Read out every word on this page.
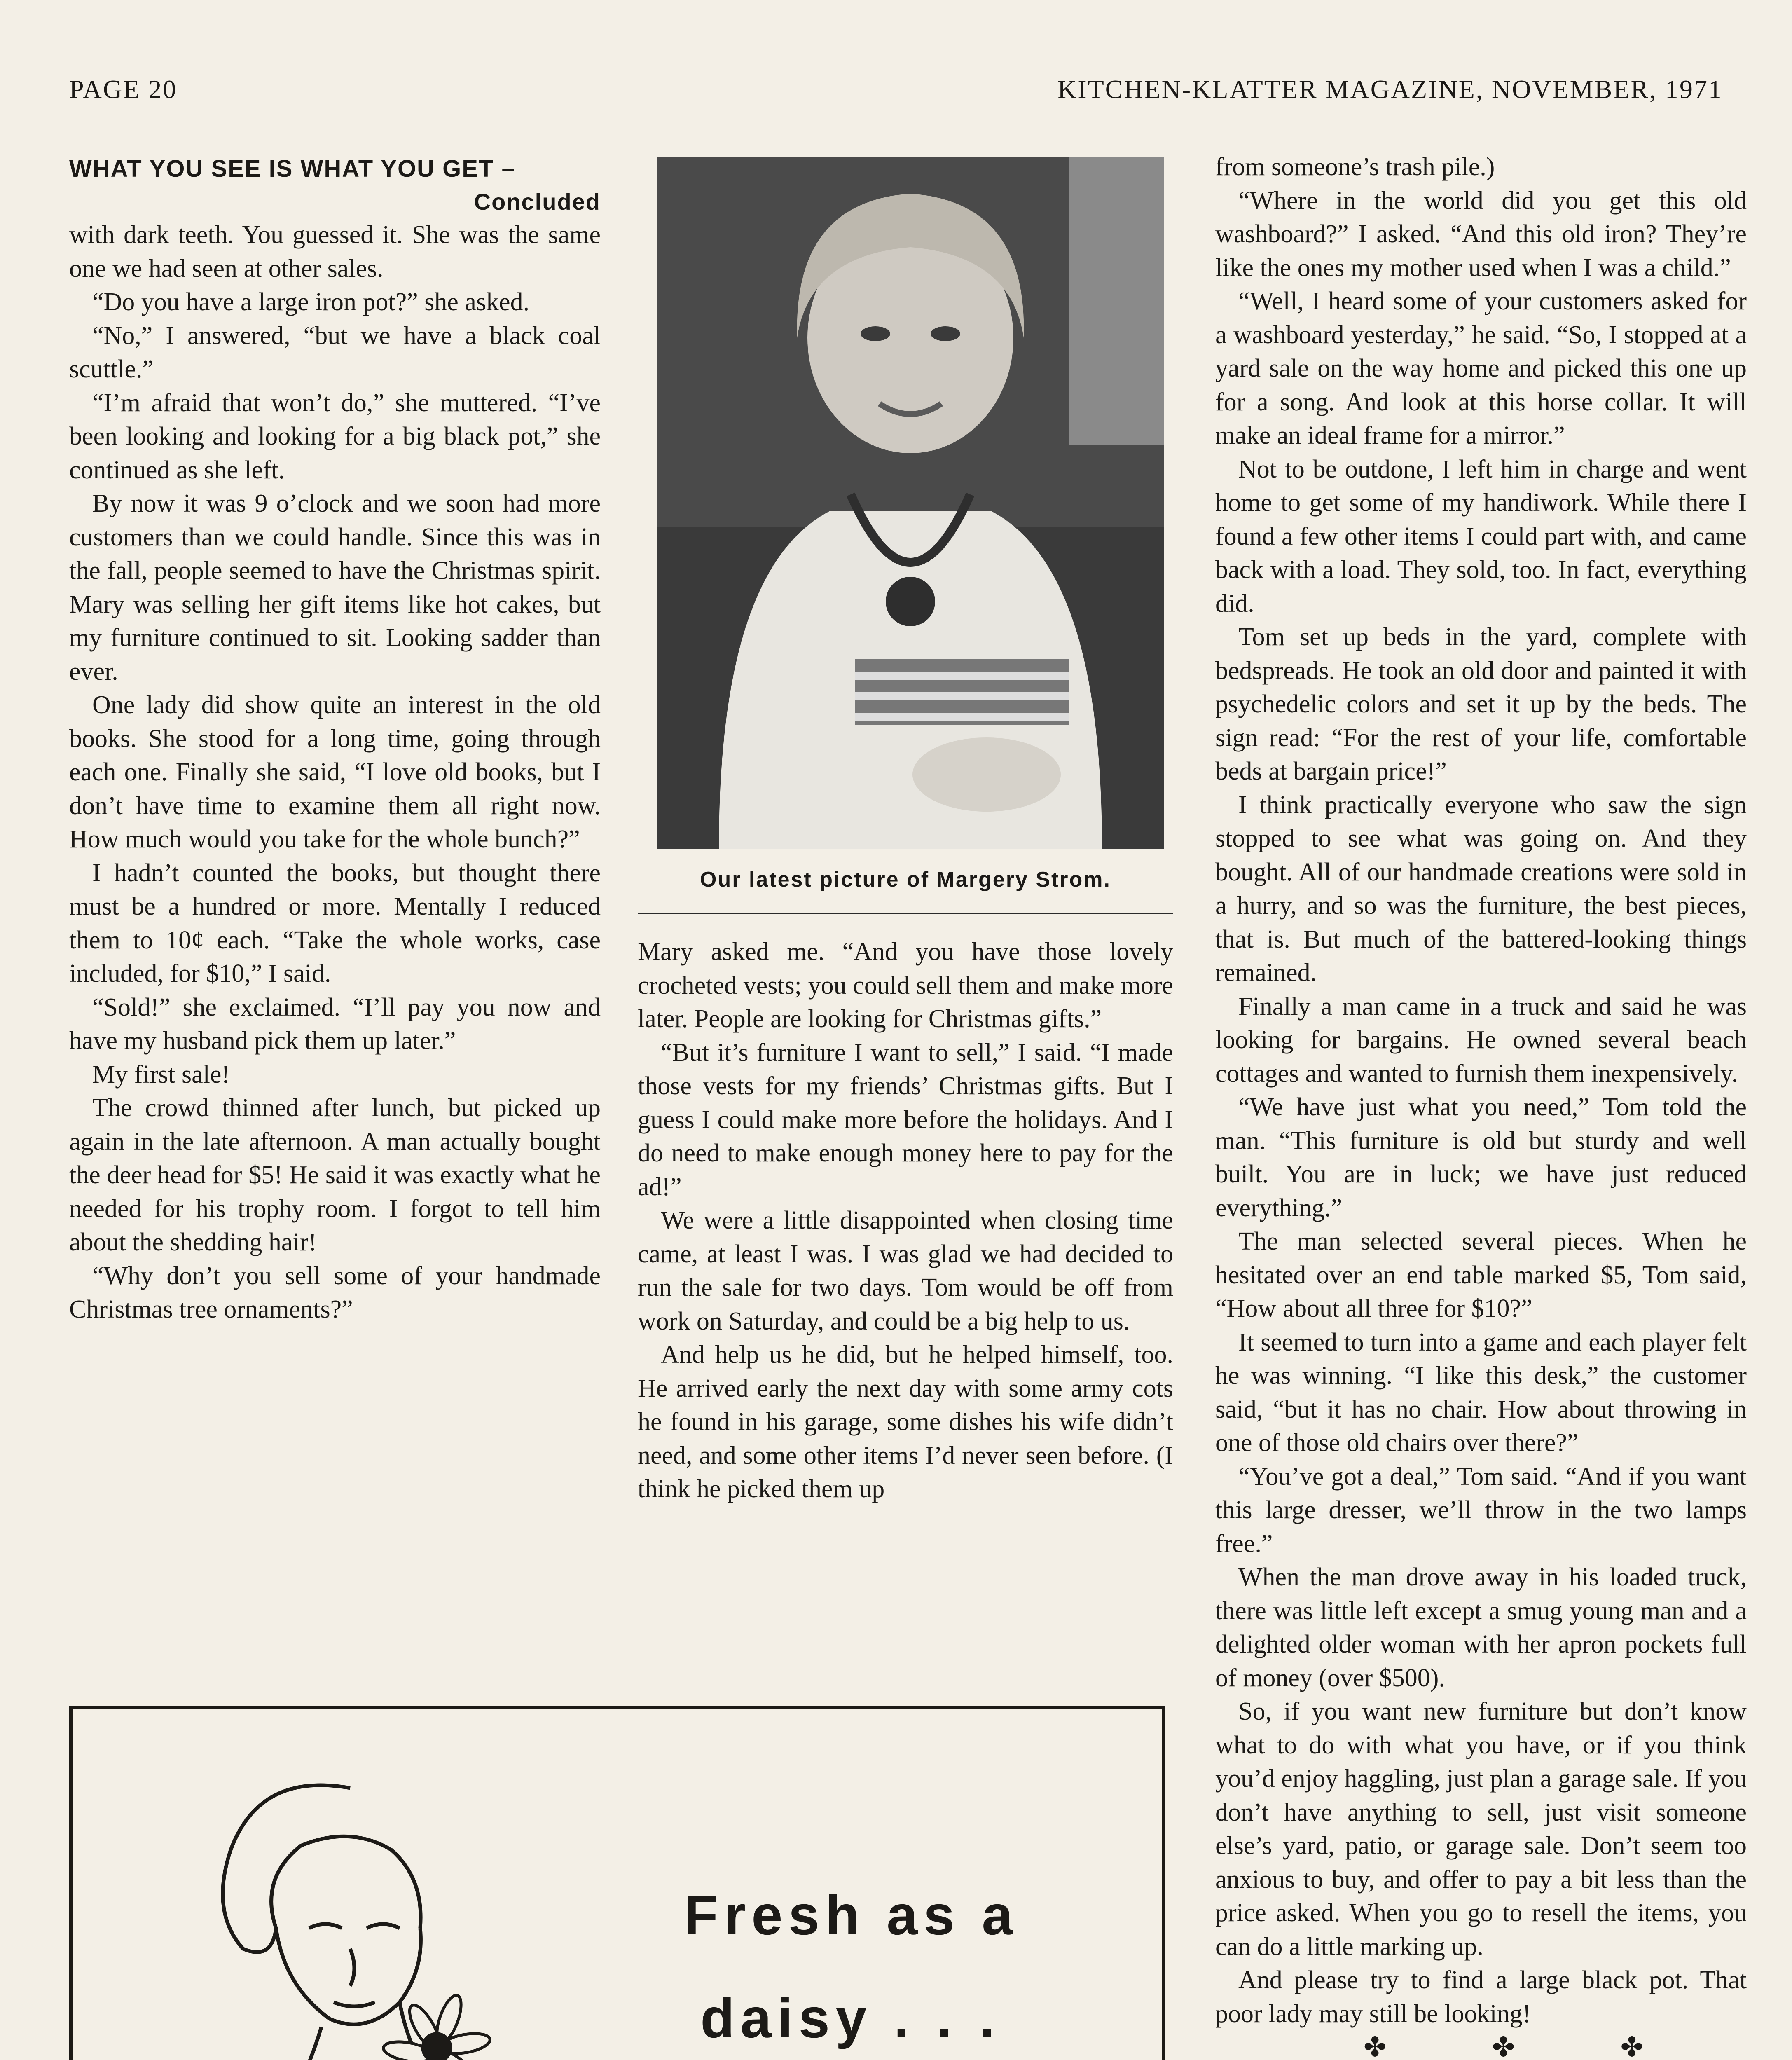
PAGE 20	KITCHEN-KLATTER MAGAZINE, NOVEMBER, 1971
WHAT YOU SEE IS WHAT YOU GET –
Concluded

with dark teeth. You guessed it. She was the same one we had seen at other sales.

“Do you have a large iron pot?” she asked.

“No,” I answered, “but we have a black coal scuttle.”

“I’m afraid that won’t do,” she muttered. “I’ve been looking and looking for a big black pot,” she continued as she left.

By now it was 9 o’clock and we soon had more customers than we could handle. Since this was in the fall, people seemed to have the Christmas spirit. Mary was selling her gift items like hot cakes, but my furniture continued to sit. Looking sadder than ever.

One lady did show quite an interest in the old books. She stood for a long time, going through each one. Finally she said, “I love old books, but I don’t have time to examine them all right now. How much would you take for the whole bunch?”

I hadn’t counted the books, but thought there must be a hundred or more. Mentally I reduced them to 10¢ each. “Take the whole works, case included, for $10,” I said.

“Sold!” she exclaimed. “I’ll pay you now and have my husband pick them up later.”

My first sale!

The crowd thinned after lunch, but picked up again in the late afternoon. A man actually bought the deer head for $5! He said it was exactly what he needed for his trophy room. I forgot to tell him about the shedding hair!

“Why don’t you sell some of your handmade Christmas tree ornaments?”

Our latest picture of Margery Strom.

Mary asked me. “And you have those lovely crocheted vests; you could sell them and make more later. People are looking for Christmas gifts.”

“But it’s furniture I want to sell,” I said. “I made those vests for my friends’ Christmas gifts. But I guess I could make more before the holidays. And I do need to make enough money here to pay for the ad!”

We were a little disappointed when closing time came, at least I was. I was glad we had decided to run the sale for two days. Tom would be off from work on Saturday, and could be a big help to us.

And help us he did, but he helped himself, too. He arrived early the next day with some army cots he found in his garage, some dishes his wife didn’t need, and some other items I’d never seen before. (I think he picked them up

from someone’s trash pile.)

“Where in the world did you get this old washboard?” I asked. “And this old iron? They’re like the ones my mother used when I was a child.”

“Well, I heard some of your customers asked for a washboard yesterday,” he said. “So, I stopped at a yard sale on the way home and picked this one up for a song. And look at this horse collar. It will make an ideal frame for a mirror.”

Not to be outdone, I left him in charge and went home to get some of my handiwork. While there I found a few other items I could part with, and came back with a load. They sold, too. In fact, everything did.

Tom set up beds in the yard, complete with bedspreads. He took an old door and painted it with psychedelic colors and set it up by the beds. The sign read: “For the rest of your life, comfortable beds at bargain price!”

I think practically everyone who saw the sign stopped to see what was going on. And they bought. All of our handmade creations were sold in a hurry, and so was the furniture, the best pieces, that is. But much of the battered-looking things remained.

Finally a man came in a truck and said he was looking for bargains. He owned several beach cottages and wanted to furnish them inexpensively.

“We have just what you need,” Tom told the man. “This furniture is old but sturdy and well built. You are in luck; we have just reduced everything.”

The man selected several pieces. When he hesitated over an end table marked $5, Tom said, “How about all three for $10?”

It seemed to turn into a game and each player felt he was winning. “I like this desk,” the customer said, “but it has no chair. How about throwing in one of those old chairs over there?”

“You’ve got a deal,” Tom said. “And if you want this large dresser, we’ll throw in the two lamps free.”

When the man drove away in his loaded truck, there was little left except a smug young man and a delighted older woman with her apron pockets full of money (over $500).

So, if you want new furniture but don’t know what to do with what you have, or if you think you’d enjoy haggling, just plan a garage sale. If you don’t have anything to sell, just visit someone else’s yard, patio, or garage sale. Don’t seem too anxious to buy, and offer to pay a bit less than the price asked. When you go to resell the items, you can do a little marking up.

And please try to find a large black pot. That poor lady may still be looking!

✤ ✤ ✤

Fresh as a
daisy . . .
